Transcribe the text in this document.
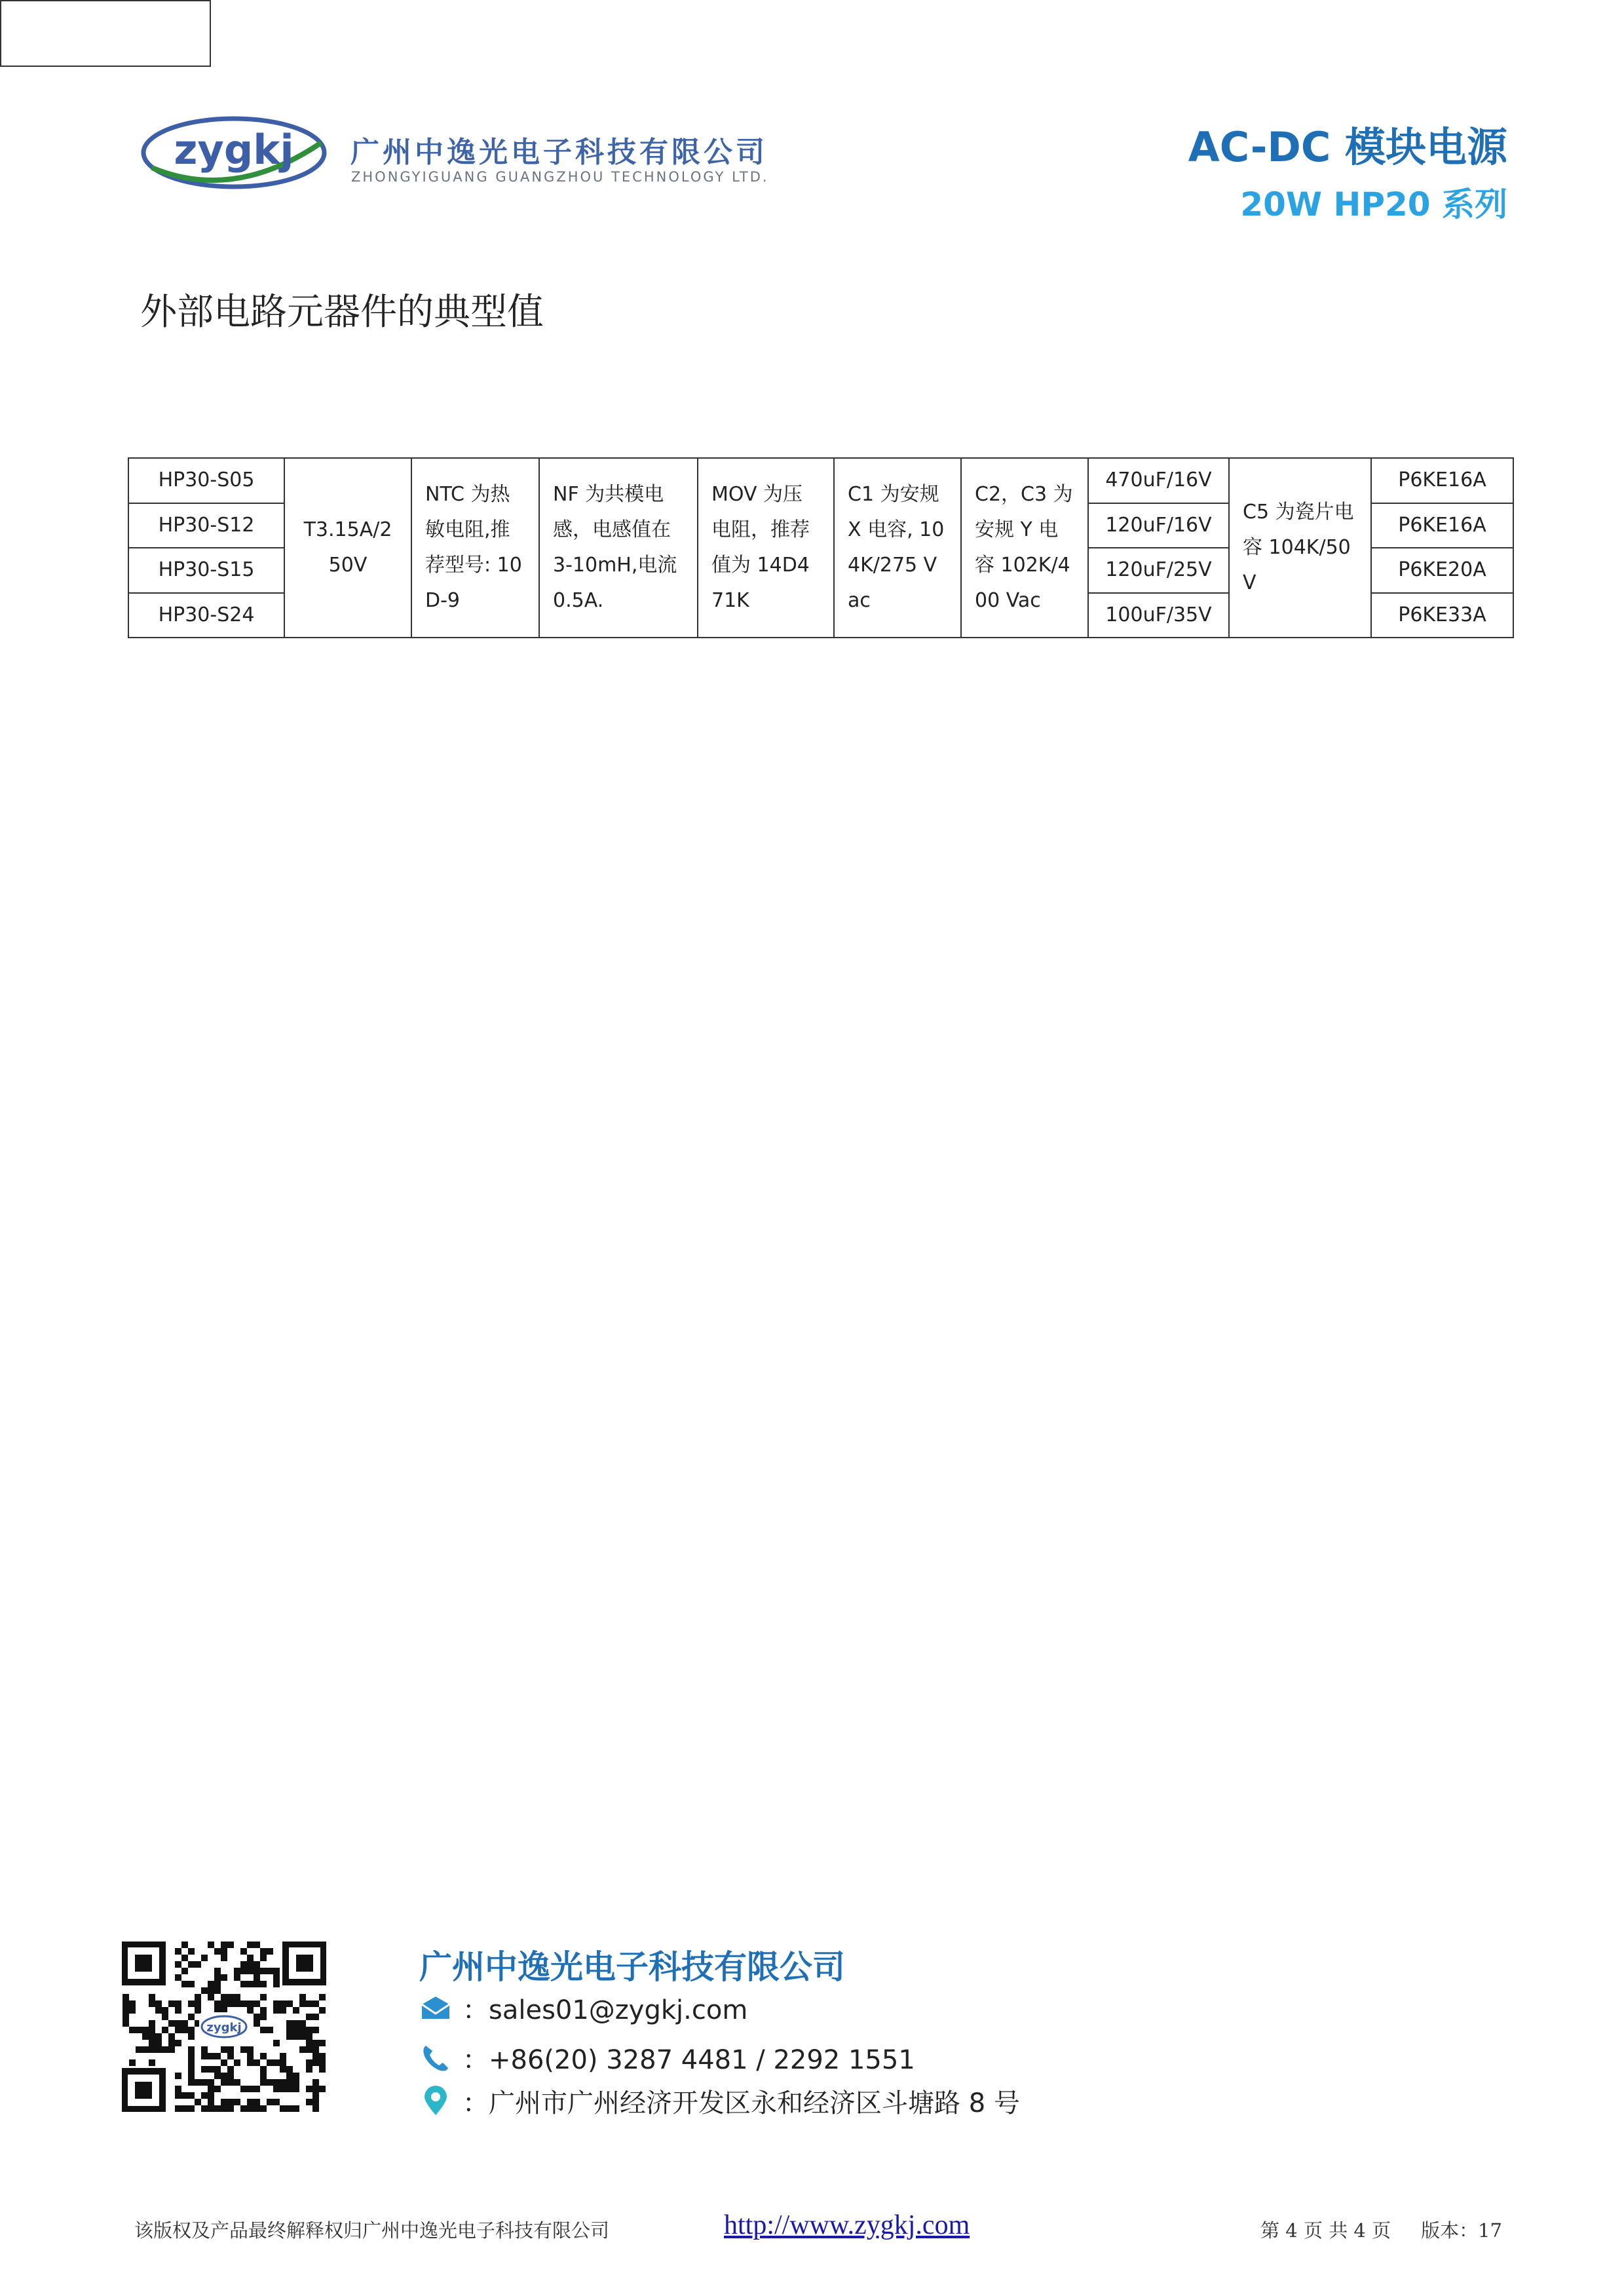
zygkj 广州中逸光电子科技有限公司
ZHONGYIGUANG GUANGZHOU TECHNOLOGY LTD.
AC-DC 模块电源
20W HP20 系列
外部电路元器件的典型值
HP30-S05	T3.15A/250V	NTC 为热敏电阻,推荐型号: 10D-9	NF 为共模电感，电感值在 3-10mH,电流 0.5A.	MOV 为压电阻，推荐值为 14D471K	C1 为安规 X 电容, 104K/275 Vac	C2，C3 为安规 Y 电容 102K/400 Vac	470uF/16V	C5 为瓷片电容 104K/50V	P6KE16A
HP30-S12							120uF/16V		P6KE16A
HP30-S15							120uF/25V		P6KE20A
HP30-S24							100uF/35V		P6KE33A
zygkj
广州中逸光电子科技有限公司
：sales01@zygkj.com
：+86(20) 3287 4481 / 2292 1551
：广州市广州经济开发区永和经济区斗塘路 8 号
该版权及产品最终解释权归广州中逸光电子科技有限公司	http://www.zygkj.com	第 4 页 共 4 页 版本：17
